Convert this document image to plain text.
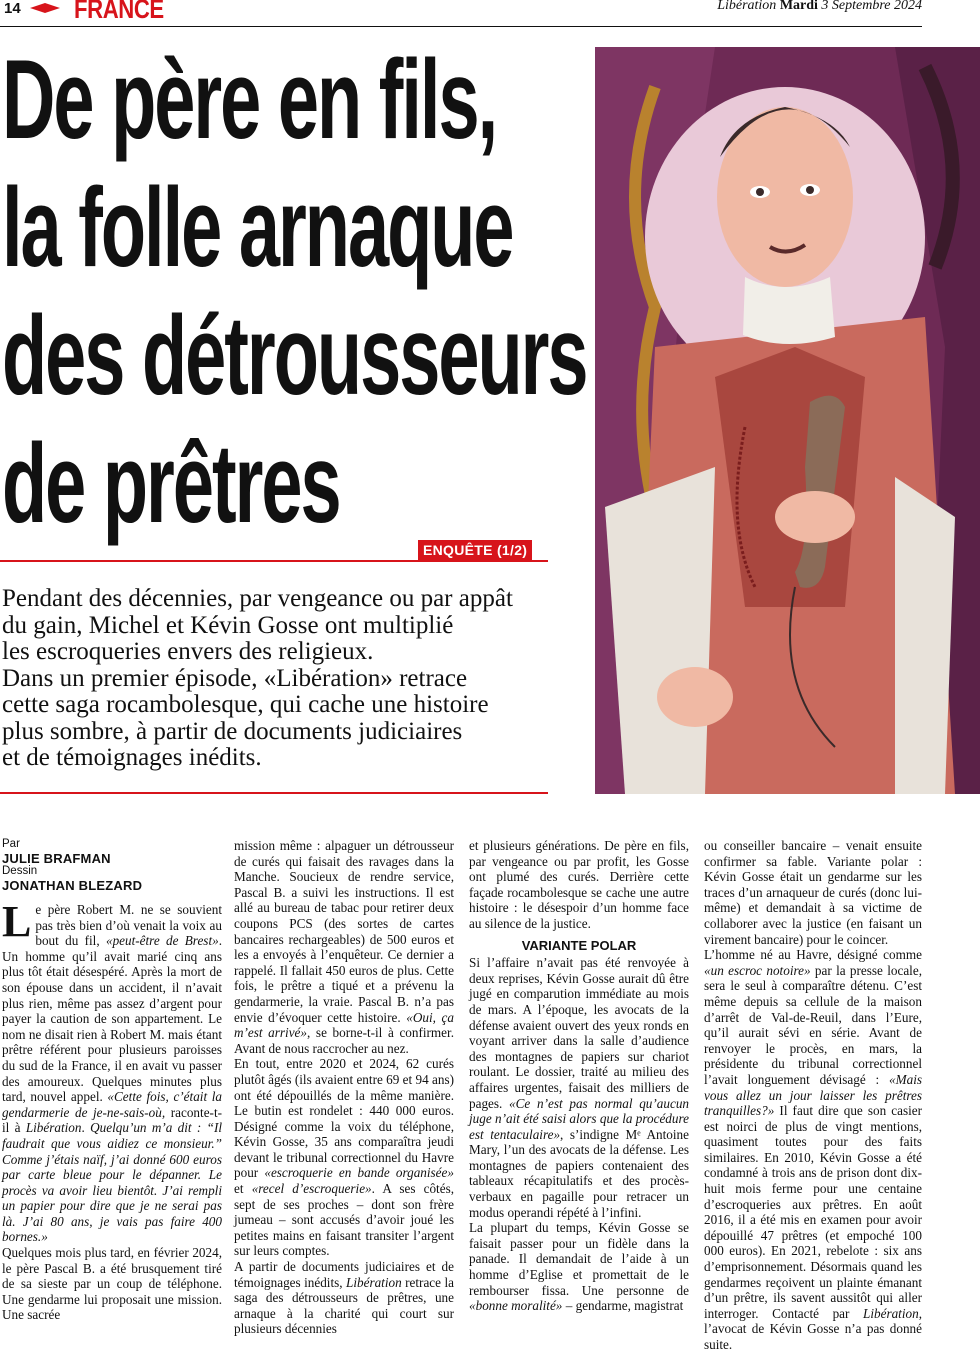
14 FRANCE	Libération Mardi 3 Septembre 2024
De père en fils,
la folle arnaque
des détrousseurs
de prêtres
ENQUÊTE (1/2)
Pendant des décennies, par vengeance ou par appât
du gain, Michel et Kévin Gosse ont multiplié
les escroqueries envers des religieux.
Dans un premier épisode, «Libération» retrace
cette saga rocambolesque, qui cache une histoire
plus sombre, à partir de documents judiciaires
et de témoignages inédits.
Par
JULIE BRAFMAN
Dessin
JONATHAN BLEZARD

Le père Robert M. ne se souvient pas très bien d’où venait la voix au bout du fil, «peut-être de Brest». Un homme qu’il avait marié cinq ans plus tôt était désespéré. Après la mort de son épouse dans un accident, il n’avait plus rien, même pas assez d’argent pour payer la caution de son appartement. Le nom ne disait rien à Robert M. mais étant prêtre référent pour plusieurs paroisses du sud de la France, il en avait vu passer des amoureux. Quelques minutes plus tard, nouvel appel. «Cette fois, c’était la gendarmerie de je-ne-sais-où, raconte-t-il à Libération. Quelqu’un m’a dit : “Il faudrait que vous aidiez ce monsieur.” Comme j’étais naïf, j’ai donné 600 euros par carte bleue pour le dépanner. Le procès va avoir lieu bientôt. J’ai rempli un papier pour dire que je ne serai pas là. J’ai 80 ans, je vais pas faire 400 bornes.»

Quelques mois plus tard, en février 2024, le père Pascal B. a été brusquement tiré de sa sieste par un coup de téléphone. Une gendarme lui proposait une mission. Une sacrée

mission même : alpaguer un détrousseur de curés qui faisait des ravages dans la Manche. Soucieux de rendre service, Pascal B. a suivi les instructions. Il est allé au bureau de tabac pour retirer deux coupons PCS (des sortes de cartes bancaires rechargeables) de 500 euros et les a envoyés à l’enquêteur. Ce dernier a rappelé. Il fallait 450 euros de plus. Cette fois, le prêtre a tiqué et a prévenu la gendarmerie, la vraie. Pascal B. n’a pas envie d’évoquer cette histoire. «Oui, ça m’est arrivé», se borne-t-il à confirmer. Avant de nous raccrocher au nez.

En tout, entre 2020 et 2024, 62 curés plutôt âgés (ils avaient entre 69 et 94 ans) ont été dépouillés de la même manière. Le butin est rondelet : 440 000 euros. Désigné comme la voix du téléphone, Kévin Gosse, 35 ans comparaîtra jeudi devant le tribunal correctionnel du Havre pour «escroquerie en bande organisée» et «recel d’escroquerie». A ses côtés, sept de ses proches – dont son frère jumeau – sont accusés d’avoir joué les petites mains en faisant transiter l’argent sur leurs comptes.

A partir de documents judiciaires et de témoignages inédits, Libération retrace la saga des détrousseurs de prêtres, une arnaque à la charité qui court sur plusieurs décennies

et plusieurs générations. De père en fils, par vengeance ou par profit, les Gosse ont plumé des curés. Derrière cette façade rocambolesque se cache une autre histoire : le désespoir d’un homme face au silence de la justice.

VARIANTE POLAR

Si l’affaire n’avait pas été renvoyée à deux reprises, Kévin Gosse aurait dû être jugé en comparution immédiate au mois de mars. A l’époque, les avocats de la défense avaient ouvert des yeux ronds en voyant arriver dans la salle d’audience des montagnes de papiers sur chariot roulant. Le dossier, traité au milieu des affaires urgentes, faisait des milliers de pages. «Ce n’est pas normal qu’aucun juge n’ait été saisi alors que la procédure est tentaculaire», s’indigne Mᵉ Antoine Mary, l’un des avocats de la défense. Les montagnes de papiers contenaient des tableaux récapitulatifs et des procès-verbaux en pagaille pour retracer un modus operandi répété à l’infini.

La plupart du temps, Kévin Gosse se faisait passer pour un fidèle dans la panade. Il demandait de l’aide à un homme d’Eglise et promettait de le rembourser fissa. Une personne de «bonne moralité» – gendarme, magistrat

ou conseiller bancaire – venait ensuite confirmer sa fable. Variante polar : Kévin Gosse était un gendarme sur les traces d’un arnaqueur de curés (donc lui-même) et demandait à sa victime de collaborer avec la justice (en faisant un virement bancaire) pour le coincer.

L’homme né au Havre, désigné comme «un escroc notoire» par la presse locale, sera le seul à comparaître détenu. C’est même depuis sa cellule de la maison d’arrêt de Val-de-Reuil, dans l’Eure, qu’il aurait sévi en série. Avant de renvoyer le procès, en mars, la présidente du tribunal correctionnel l’avait longuement dévisagé : «Mais vous allez un jour laisser les prêtres tranquilles?» Il faut dire que son casier est noirci de plus de vingt mentions, quasiment toutes pour des faits similaires. En 2010, Kévin Gosse a été condamné à trois ans de prison dont dix-huit mois ferme pour une centaine d’escroqueries aux prêtres. En août 2016, il a été mis en examen pour avoir dépouillé 47 prêtres (et empoché 100 000 euros). En 2021, rebelote : six ans d’emprisonnement. Désormais quand les gendarmes reçoivent un plainte émanant d’un prêtre, ils savent aussitôt qui aller interroger. Contacté par Libération, l’avocat de Kévin Gosse n’a pas donné suite.
